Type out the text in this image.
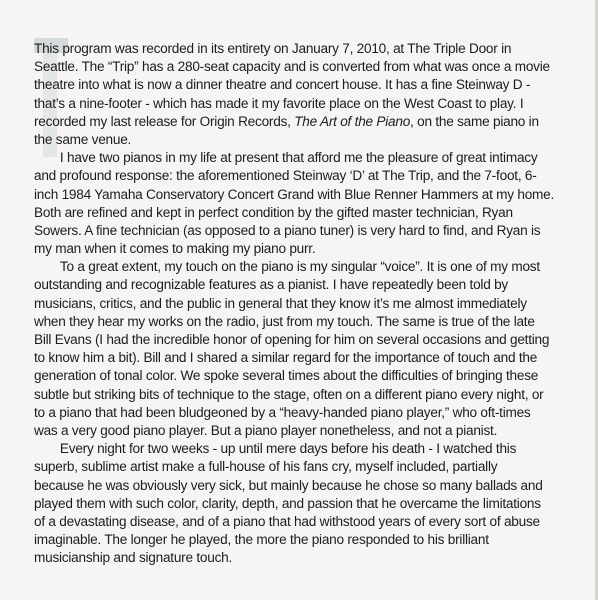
This program was recorded in its entirety on January 7, 2010, at The Triple Door in
Seattle. The “Trip” has a 280-seat capacity and is converted from what was once a movie
theatre into what is now a dinner theatre and concert house. It has a fine Steinway D -
that’s a nine-footer - which has made it my favorite place on the West Coast to play. I
recorded my last release for Origin Records, The Art of the Piano, on the same piano in
the same venue.
I have two pianos in my life at present that afford me the pleasure of great intimacy
and profound response: the aforementioned Steinway ‘D’ at The Trip, and the 7-foot, 6-
inch 1984 Yamaha Conservatory Concert Grand with Blue Renner Hammers at my home.
Both are refined and kept in perfect condition by the gifted master technician, Ryan
Sowers. A fine technician (as opposed to a piano tuner) is very hard to find, and Ryan is
my man when it comes to making my piano purr.
To a great extent, my touch on the piano is my singular “voice”. It is one of my most
outstanding and recognizable features as a pianist. I have repeatedly been told by
musicians, critics, and the public in general that they know it’s me almost immediately
when they hear my works on the radio, just from my touch. The same is true of the late
Bill Evans (I had the incredible honor of opening for him on several occasions and getting
to know him a bit). Bill and I shared a similar regard for the importance of touch and the
generation of tonal color. We spoke several times about the difficulties of bringing these
subtle but striking bits of technique to the stage, often on a different piano every night, or
to a piano that had been bludgeoned by a “heavy-handed piano player,” who oft-times
was a very good piano player. But a piano player nonetheless, and not a pianist.
Every night for two weeks - up until mere days before his death - I watched this
superb, sublime artist make a full-house of his fans cry, myself included, partially
because he was obviously very sick, but mainly because he chose so many ballads and
played them with such color, clarity, depth, and passion that he overcame the limitations
of a devastating disease, and of a piano that had withstood years of every sort of abuse
imaginable. The longer he played, the more the piano responded to his brilliant
musicianship and signature touch.
